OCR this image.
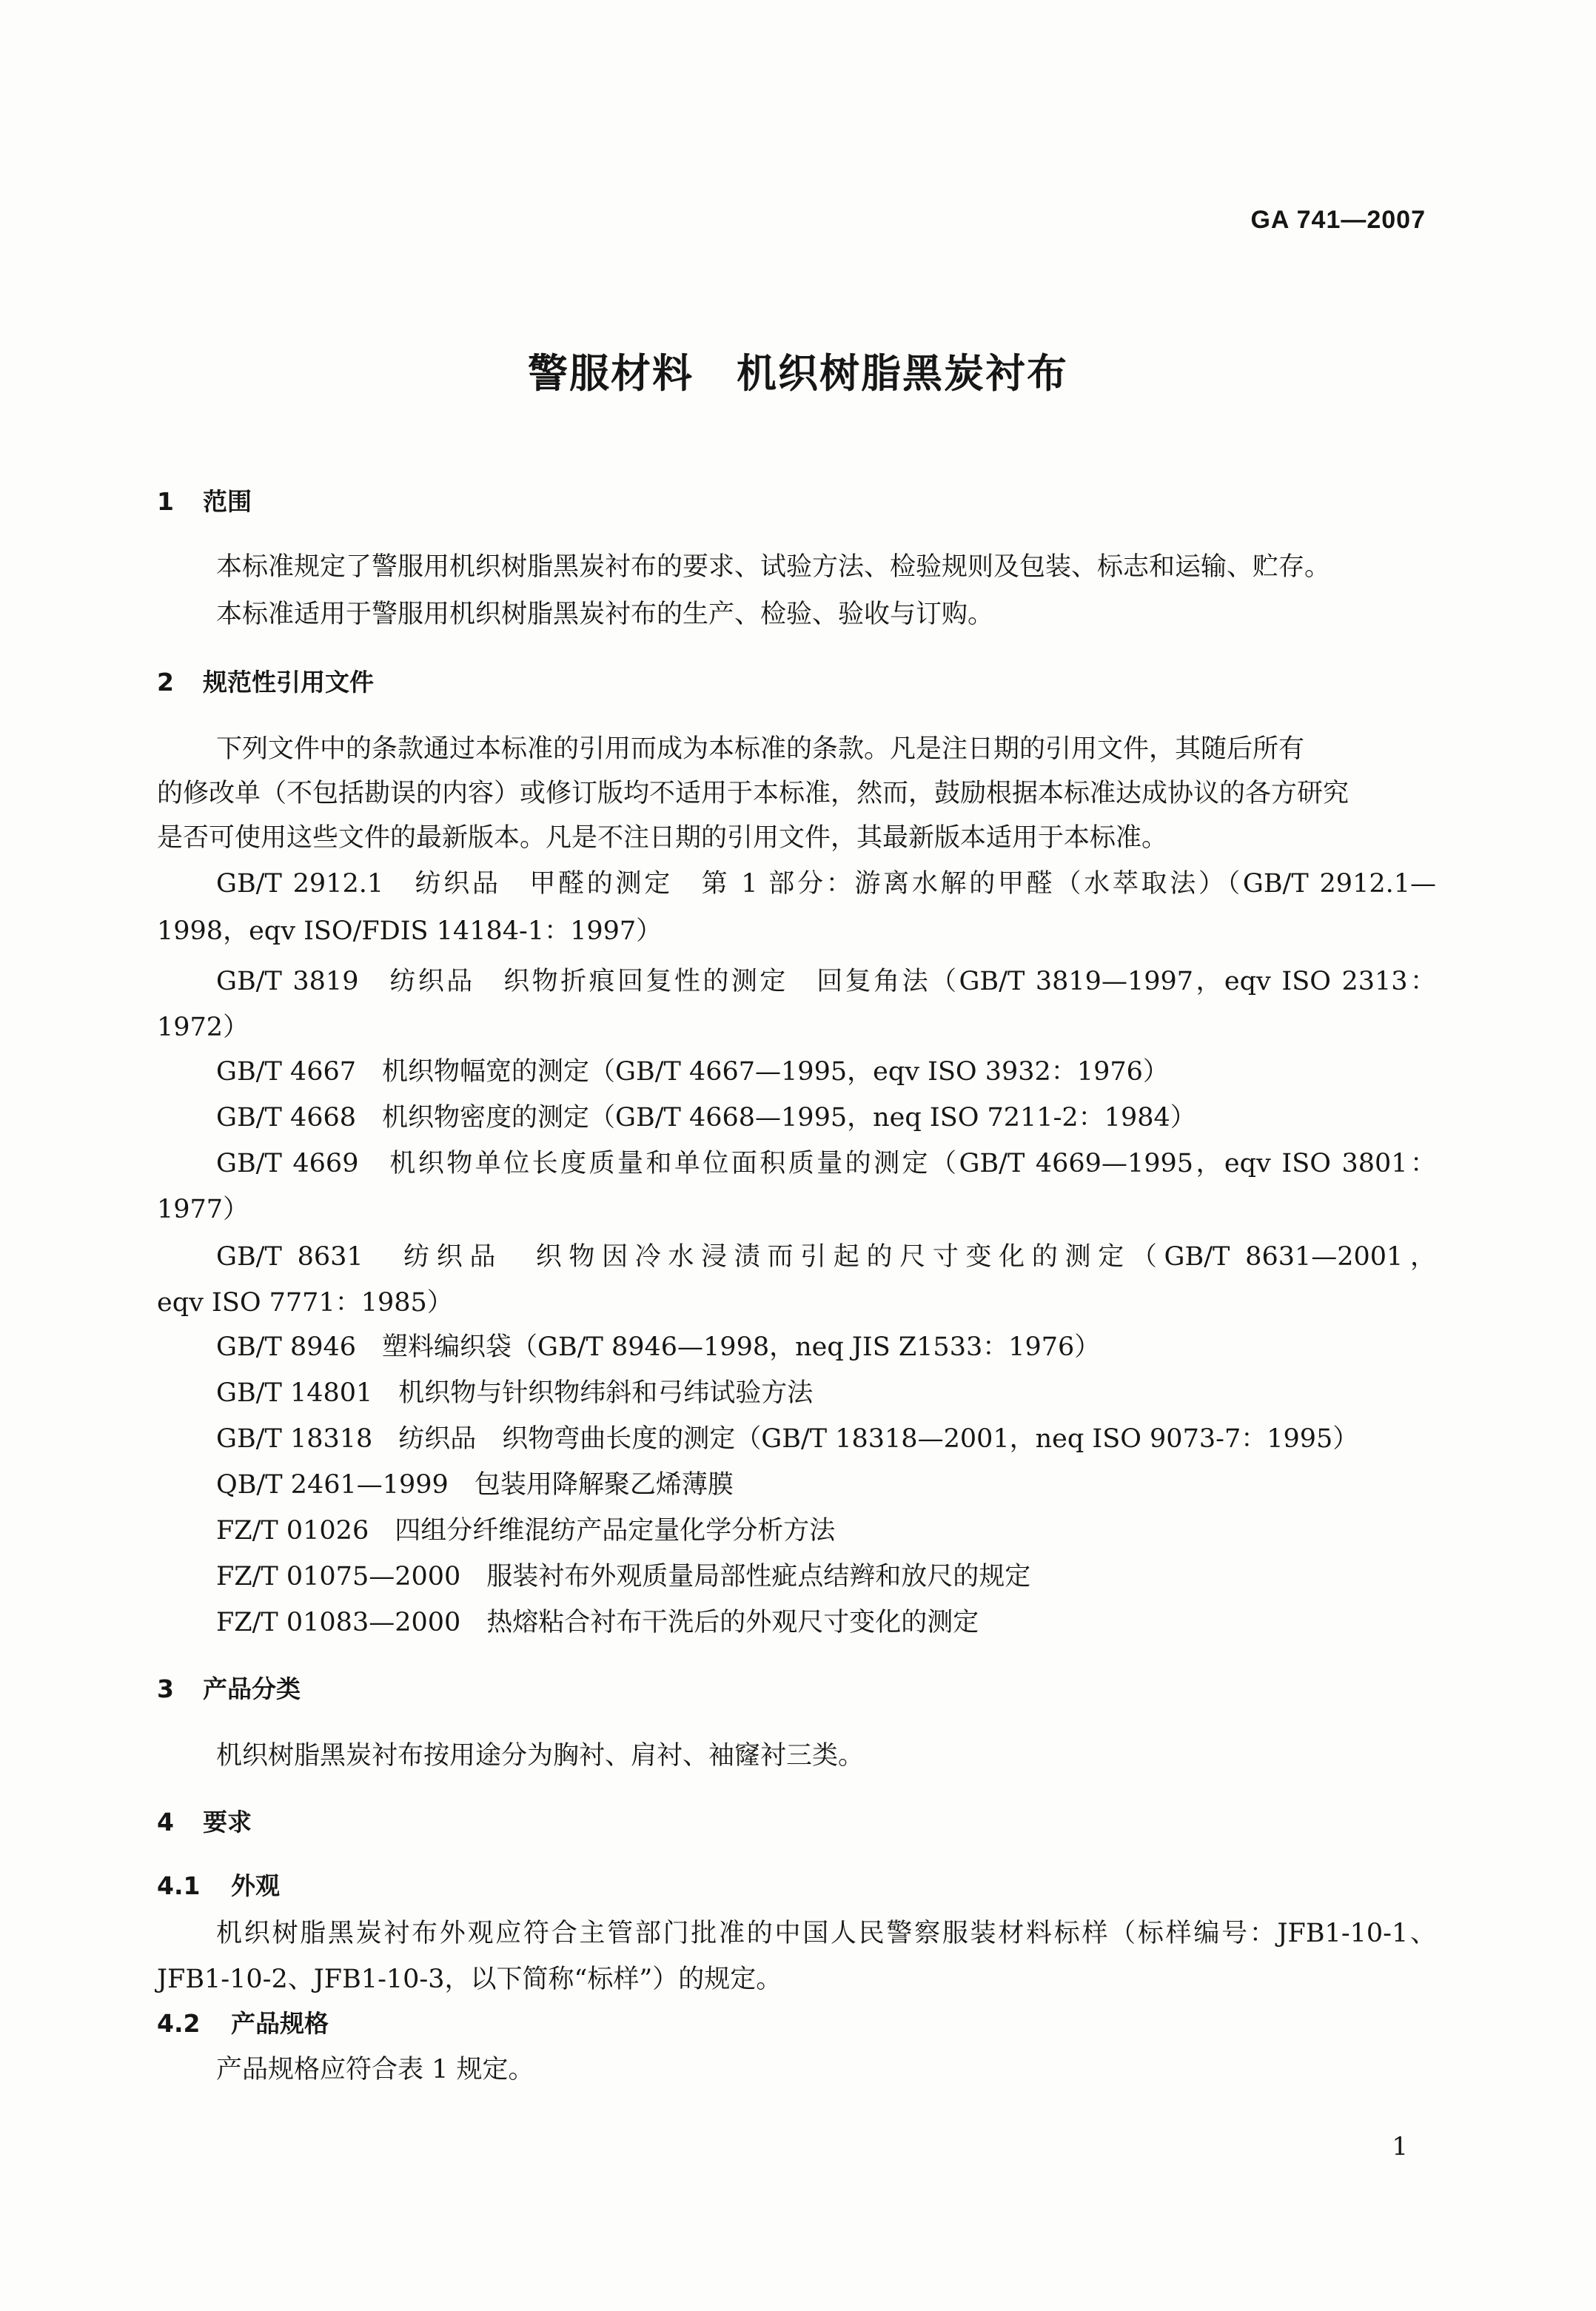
GA 741—2007
警服材料 机织树脂黑炭衬布
1 范围
本标准规定了警服用机织树脂黑炭衬布的要求、试验方法、检验规则及包装、标志和运输、贮存。
本标准适用于警服用机织树脂黑炭衬布的生产、检验、验收与订购。
2 规范性引用文件
下列文件中的条款通过本标准的引用而成为本标准的条款。凡是注日期的引用文件，其随后所有
的修改单（不包括勘误的内容）或修订版均不适用于本标准，然而，鼓励根据本标准达成协议的各方研究
是否可使用这些文件的最新版本。凡是不注日期的引用文件，其最新版本适用于本标准。
GB/T 2912.1　纺织品　甲醛的测定　第 1 部分：游离水解的甲醛（水萃取法）（GB/T 2912.1—
1998，eqv ISO/FDIS 14184-1：1997）
GB/T 3819　纺织品　织物折痕回复性的测定　回复角法（GB/T 3819—1997，eqv ISO 2313：
1972）
GB/T 4667　机织物幅宽的测定（GB/T 4667—1995，eqv ISO 3932：1976）
GB/T 4668　机织物密度的测定（GB/T 4668—1995，neq ISO 7211-2：1984）
GB/T 4669　机织物单位长度质量和单位面积质量的测定（GB/T 4669—1995，eqv ISO 3801：
1977）
GB/T 8631　纺织品　织物因冷水浸渍而引起的尺寸变化的测定（GB/T 8631—2001，
eqv ISO 7771：1985）
GB/T 8946　塑料编织袋（GB/T 8946—1998，neq JIS Z1533：1976）
GB/T 14801　机织物与针织物纬斜和弓纬试验方法
GB/T 18318　纺织品　织物弯曲长度的测定（GB/T 18318—2001，neq ISO 9073-7：1995）
QB/T 2461—1999　包装用降解聚乙烯薄膜
FZ/T 01026　四组分纤维混纺产品定量化学分析方法
FZ/T 01075—2000　服装衬布外观质量局部性疵点结辫和放尺的规定
FZ/T 01083—2000　热熔粘合衬布干洗后的外观尺寸变化的测定
3 产品分类
机织树脂黑炭衬布按用途分为胸衬、肩衬、袖窿衬三类。
4 要求
4.1 外观
机织树脂黑炭衬布外观应符合主管部门批准的中国人民警察服装材料标样（标样编号：JFB1-10-1、
JFB1-10-2、JFB1-10-3，以下简称“标样”）的规定。
4.2 产品规格
产品规格应符合表 1 规定。
1
